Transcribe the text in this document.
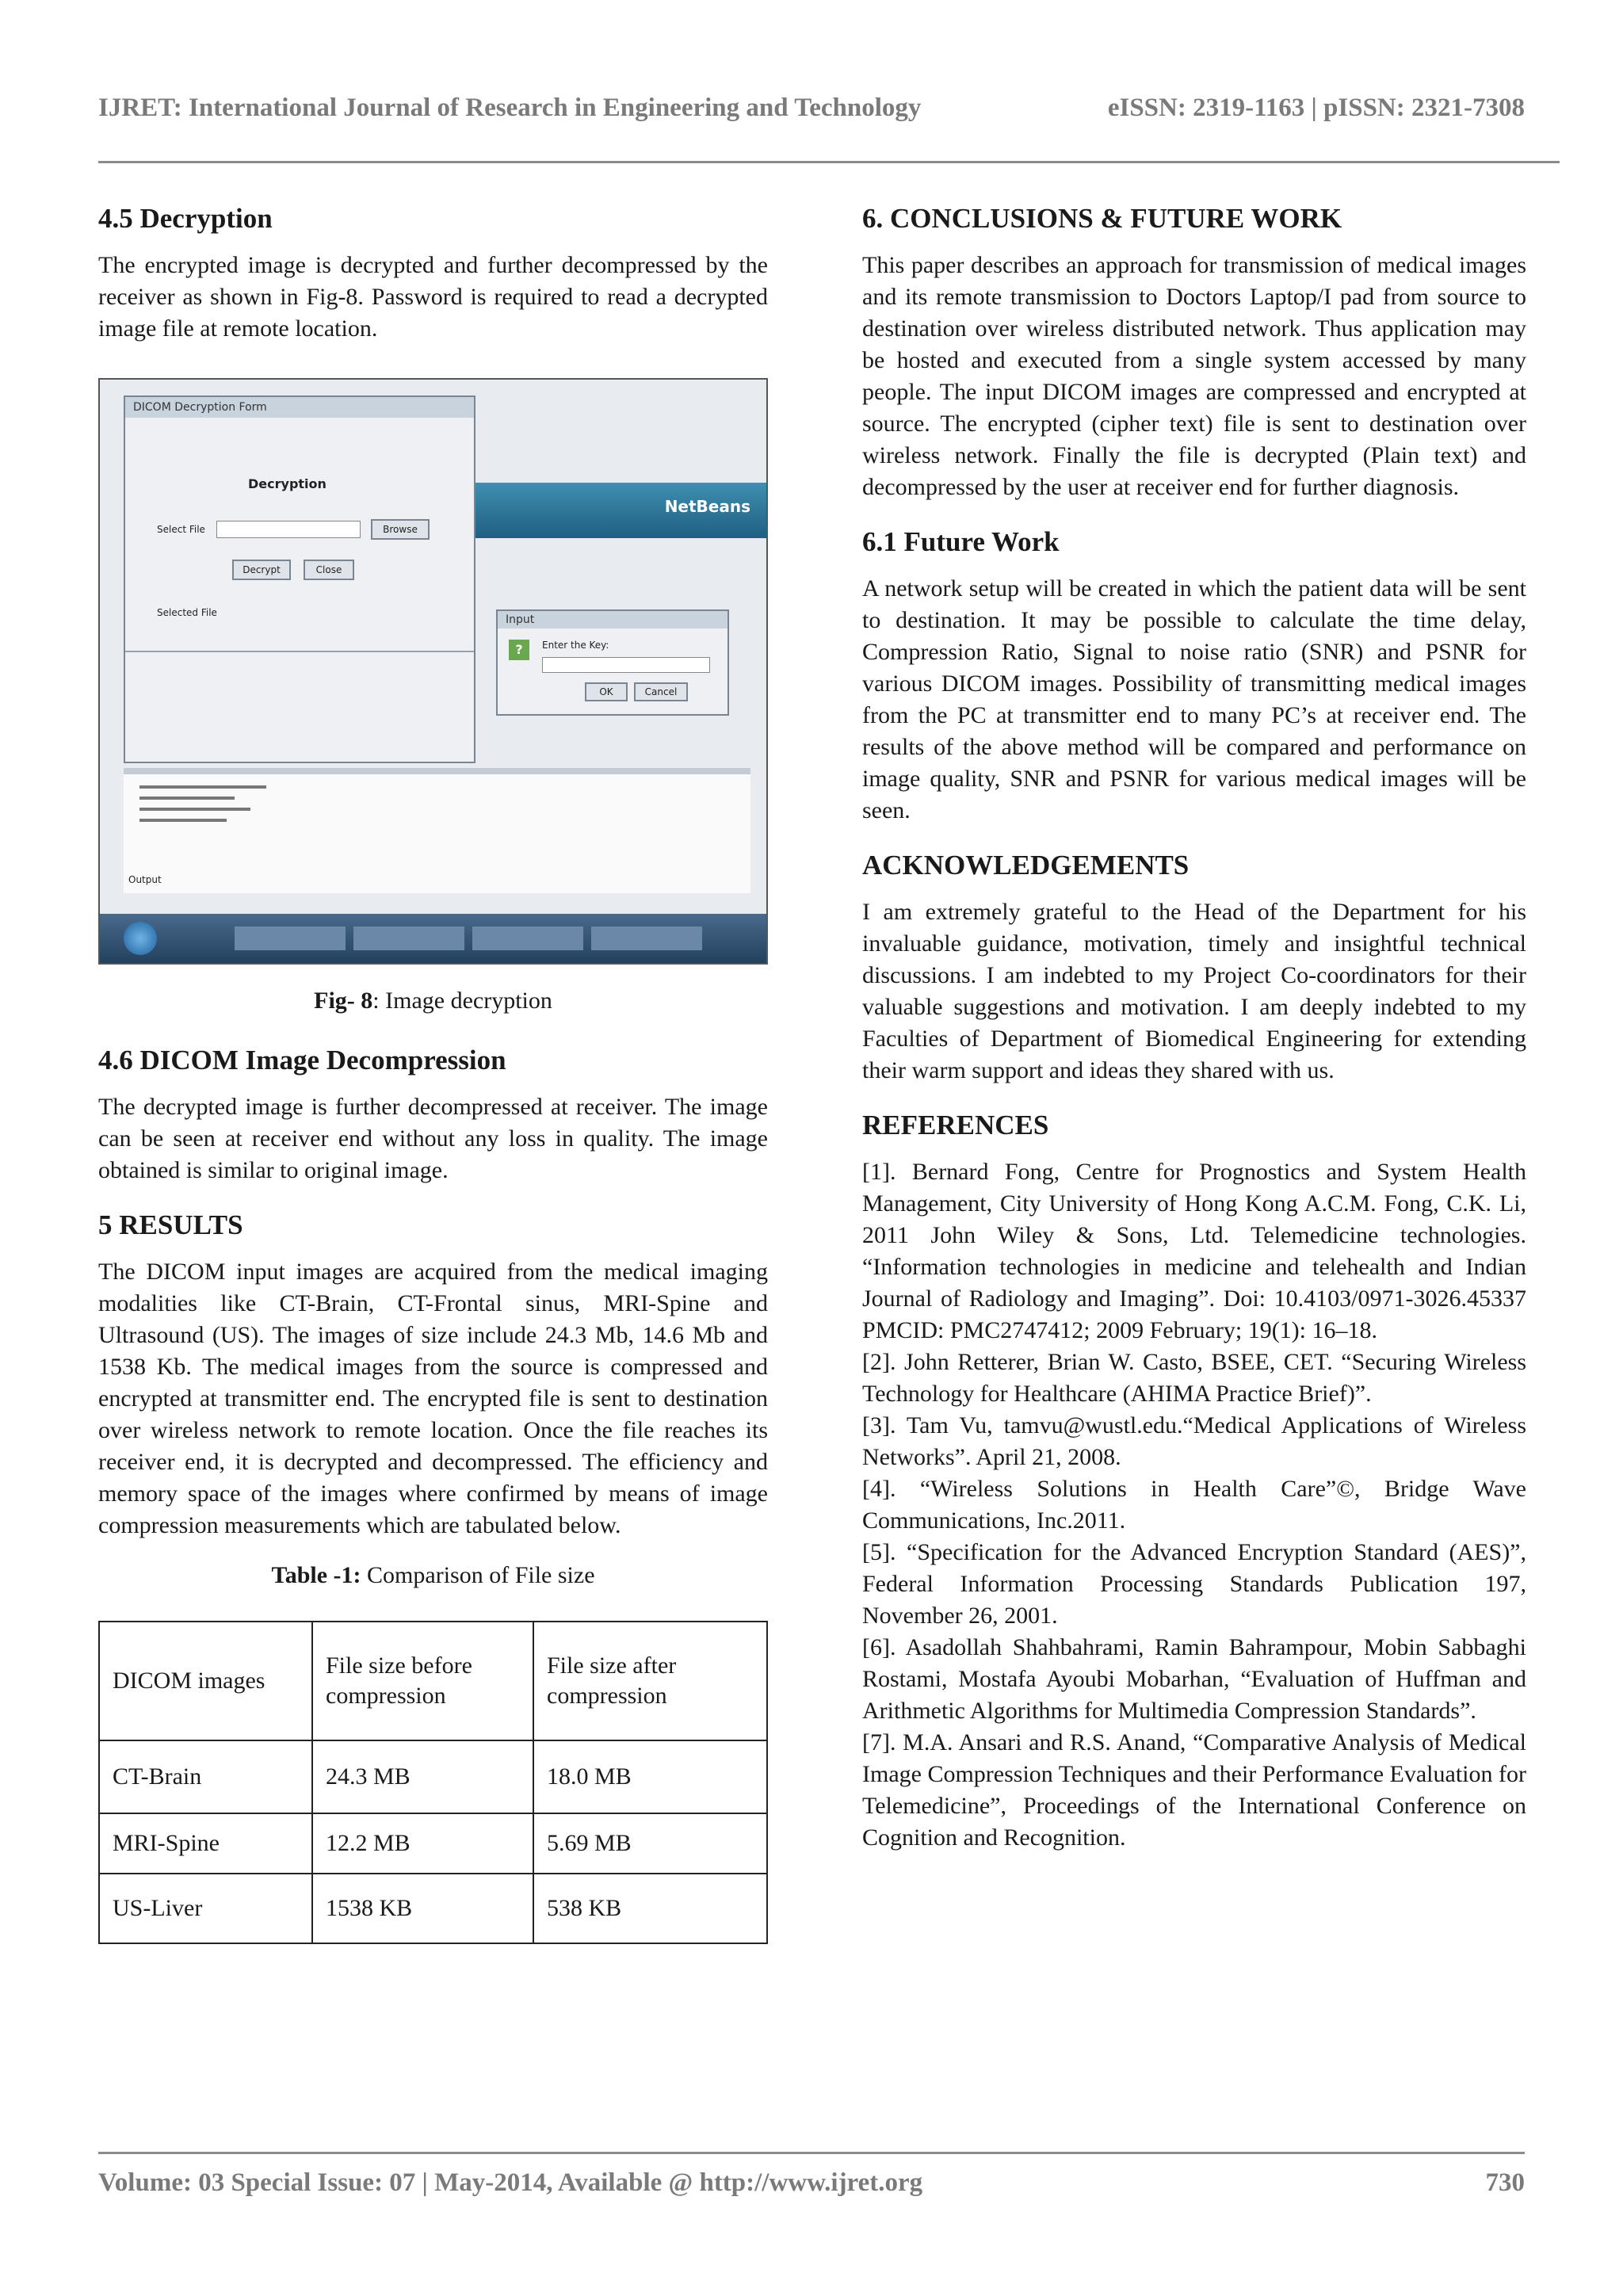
IJRET: International Journal of Research in Engineering and Technology	eISSN: 2319-1163 | pISSN: 2321-7308
4.5 Decryption

The encrypted image is decrypted and further decompressed by the receiver as shown in Fig-8. Password is required to read a decrypted image file at remote location.

NetBeans
DICOM Decryption Form
Decryption
Select File	Browse
Decrypt	Close
Selected File
Input
?	Enter the Key:
OK	Cancel
Output
Fig- 8: Image decryption
4.6 DICOM Image Decompression

The decrypted image is further decompressed at receiver. The image can be seen at receiver end without any loss in quality. The image obtained is similar to original image.

5 RESULTS

The DICOM input images are acquired from the medical imaging modalities like CT-Brain, CT-Frontal sinus, MRI-Spine and Ultrasound (US). The images of size include 24.3 Mb, 14.6 Mb and 1538 Kb. The medical images from the source is compressed and encrypted at transmitter end. The encrypted file is sent to destination over wireless network to remote location. Once the file reaches its receiver end, it is decrypted and decompressed. The efficiency and memory space of the images where confirmed by means of image compression measurements which are tabulated below.

Table -1: Comparison of File size
DICOM images	File size before compression	File size after compression
CT-Brain	24.3 MB	18.0 MB
MRI-Spine	12.2 MB	5.69 MB
US-Liver	1538 KB	538 KB
6. CONCLUSIONS & FUTURE WORK

This paper describes an approach for transmission of medical images and its remote transmission to Doctors Laptop/I pad from source to destination over wireless distributed network. Thus application may be hosted and executed from a single system accessed by many people. The input DICOM images are compressed and encrypted at source. The encrypted (cipher text) file is sent to destination over wireless network. Finally the file is decrypted (Plain text) and decompressed by the user at receiver end for further diagnosis.

6.1 Future Work

A network setup will be created in which the patient data will be sent to destination. It may be possible to calculate the time delay, Compression Ratio, Signal to noise ratio (SNR) and PSNR for various DICOM images. Possibility of transmitting medical images from the PC at transmitter end to many PC’s at receiver end. The results of the above method will be compared and performance on image quality, SNR and PSNR for various medical images will be seen.

ACKNOWLEDGEMENTS

I am extremely grateful to the Head of the Department for his invaluable guidance, motivation, timely and insightful technical discussions. I am indebted to my Project Co-coordinators for their valuable suggestions and motivation. I am deeply indebted to my Faculties of Department of Biomedical Engineering for extending their warm support and ideas they shared with us.

REFERENCES

[1]. Bernard Fong, Centre for Prognostics and System Health Management, City University of Hong Kong A.C.M. Fong, C.K. Li, 2011 John Wiley & Sons, Ltd. Telemedicine technologies. “Information technologies in medicine and telehealth and Indian Journal of Radiology and Imaging”. Doi: 10.4103/0971-3026.45337 PMCID: PMC2747412; 2009 February; 19(1): 16–18.

[2]. John Retterer, Brian W. Casto, BSEE, CET. “Securing Wireless Technology for Healthcare (AHIMA Practice Brief)”.

[3]. Tam Vu, tamvu@wustl.edu.“Medical Applications of Wireless Networks”. April 21, 2008.

[4]. “Wireless Solutions in Health Care”©, Bridge Wave Communications, Inc.2011.

[5]. “Specification for the Advanced Encryption Standard (AES)”, Federal Information Processing Standards Publication 197, November 26, 2001.

[6]. Asadollah Shahbahrami, Ramin Bahrampour, Mobin Sabbaghi Rostami, Mostafa Ayoubi Mobarhan, “Evaluation of Huffman and Arithmetic Algorithms for Multimedia Compression Standards”.

[7]. M.A. Ansari and R.S. Anand, “Comparative Analysis of Medical Image Compression Techniques and their Performance Evaluation for Telemedicine”, Proceedings of the International Conference on Cognition and Recognition.

Volume: 03 Special Issue: 07 | May-2014, Available @ http://www.ijret.org	730
